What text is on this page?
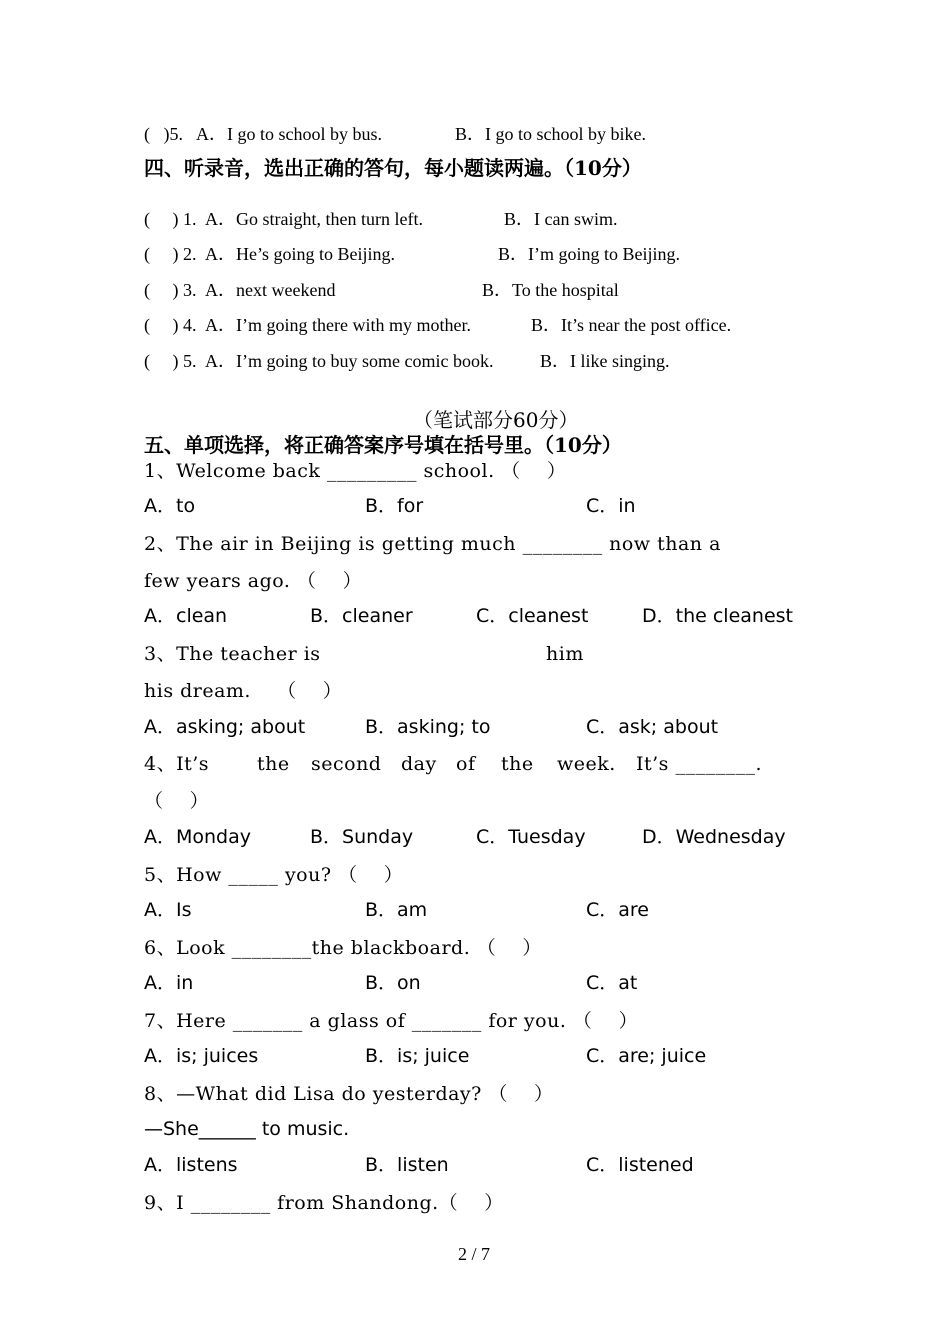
(   )5. A．I go to school by bus.	B．I go to school by bike.
四、听录音，选出正确的答句，每小题读两遍。（10分）
(     ) 1. A．Go straight, then turn left.	B．I can swim.
(     ) 2. A．He’s going to Beijing.	B．I’m going to Beijing.
(     ) 3. A．next weekend	B．To the hospital
(     ) 4. A．I’m going there with my mother.	B．It’s near the post office.
(     ) 5. A．I’m going to buy some comic book.	B．I like singing.
（笔试部分60分）
五、单项选择，将正确答案序号填在括号里。（10分）
1、Welcome back _________ school. （    ）
A．to	B．for	C．in
2、The air in Beijing is getting much ________ now than a
few years ago. （    ）
A．clean	B．cleaner	C．cleanest	D．the cleanest
3、The teacher is	him
his dream.    （    ）
A．asking; about	B．asking; to	C．ask; about
4、It’s	the second day of the week. It’s ________.
（    ）
A．Monday	B．Sunday	C．Tuesday	D．Wednesday
5、How _____ you? （    ）
A．Is	B．am	C．are
6、Look ________the blackboard. （    ）
A．in	B．on	C．at
7、Here _______ a glass of _______ for you. （    ）
A．is; juices	B．is; juice	C．are; juice
8、—What did Lisa do yesterday? （    ）
—She______ to music.
A．listens	B．listen	C．listened
9、I ________ from Shandong.（    ）
2 / 7
